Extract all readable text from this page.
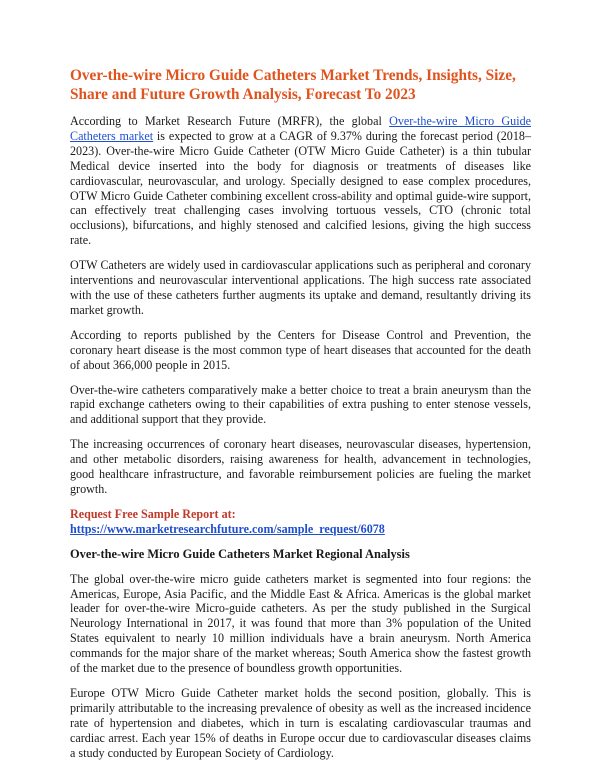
Over-the-wire Micro Guide Catheters Market Trends, Insights, Size, Share and Future Growth Analysis, Forecast To 2023

According to Market Research Future (MRFR), the global Over-the-wire Micro Guide Catheters market is expected to grow at a CAGR of 9.37% during the forecast period (2018–2023). Over-the-wire Micro Guide Catheter (OTW Micro Guide Catheter) is a thin tubular Medical device inserted into the body for diagnosis or treatments of diseases like cardiovascular, neurovascular, and urology. Specially designed to ease complex procedures, OTW Micro Guide Catheter combining excellent cross-ability and optimal guide-wire support, can effectively treat challenging cases involving tortuous vessels, CTO (chronic total occlusions), bifurcations, and highly stenosed and calcified lesions, giving the high success rate.

OTW Catheters are widely used in cardiovascular applications such as peripheral and coronary interventions and neurovascular interventional applications. The high success rate associated with the use of these catheters further augments its uptake and demand, resultantly driving its market growth.

According to reports published by the Centers for Disease Control and Prevention, the coronary heart disease is the most common type of heart diseases that accounted for the death of about 366,000 people in 2015.

Over-the-wire catheters comparatively make a better choice to treat a brain aneurysm than the rapid exchange catheters owing to their capabilities of extra pushing to enter stenose vessels, and additional support that they provide.

The increasing occurrences of coronary heart diseases, neurovascular diseases, hypertension, and other metabolic disorders, raising awareness for health, advancement in technologies, good healthcare infrastructure, and favorable reimbursement policies are fueling the market growth.

Request Free Sample Report at:
https://www.marketresearchfuture.com/sample_request/6078
Over-the-wire Micro Guide Catheters Market Regional Analysis

The global over-the-wire micro guide catheters market is segmented into four regions: the Americas, Europe, Asia Pacific, and the Middle East & Africa. Americas is the global market leader for over-the-wire Micro-guide catheters. As per the study published in the Surgical Neurology International in 2017, it was found that more than 3% population of the United States equivalent to nearly 10 million individuals have a brain aneurysm. North America commands for the major share of the market whereas; South America show the fastest growth of the market due to the presence of boundless growth opportunities.

Europe OTW Micro Guide Catheter market holds the second position, globally. This is primarily attributable to the increasing prevalence of obesity as well as the increased incidence rate of hypertension and diabetes, which in turn is escalating cardiovascular traumas and cardiac arrest. Each year 15% of deaths in Europe occur due to cardiovascular diseases claims a study conducted by European Society of Cardiology.
